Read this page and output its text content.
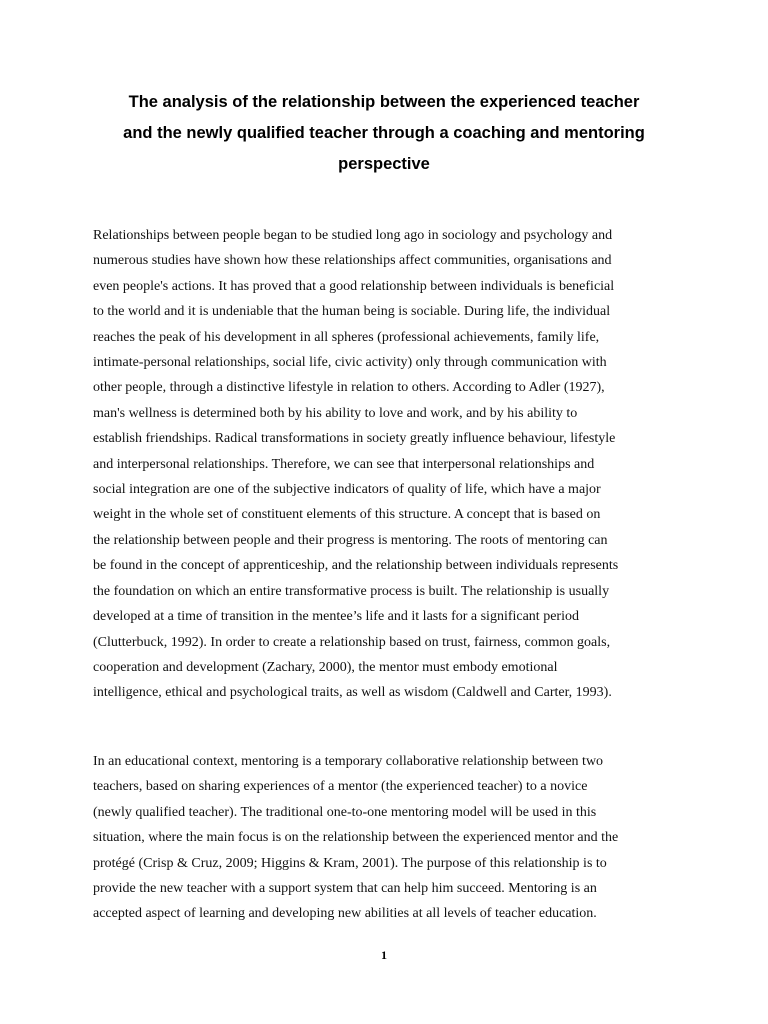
The analysis of the relationship between the experienced teacher
and the newly qualified teacher through a coaching and mentoring
perspective

Relationships between people began to be studied long ago in sociology and psychology and
numerous studies have shown how these relationships affect communities, organisations and
even people's actions. It has proved that a good relationship between individuals is beneficial
to the world and it is undeniable that the human being is sociable. During life, the individual
reaches the peak of his development in all spheres (professional achievements, family life,
intimate-personal relationships, social life, civic activity) only through communication with
other people, through a distinctive lifestyle in relation to others. According to Adler (1927),
man's wellness is determined both by his ability to love and work, and by his ability to
establish friendships. Radical transformations in society greatly influence behaviour, lifestyle
and interpersonal relationships. Therefore, we can see that interpersonal relationships and
social integration are one of the subjective indicators of quality of life, which have a major
weight in the whole set of constituent elements of this structure. A concept that is based on
the relationship between people and their progress is mentoring. The roots of mentoring can
be found in the concept of apprenticeship, and the relationship between individuals represents
the foundation on which an entire transformative process is built. The relationship is usually
developed at a time of transition in the mentee’s life and it lasts for a significant period
(Clutterbuck, 1992). In order to create a relationship based on trust, fairness, common goals,
cooperation and development (Zachary, 2000), the mentor must embody emotional
intelligence, ethical and psychological traits, as well as wisdom (Caldwell and Carter, 1993).

In an educational context, mentoring is a temporary collaborative relationship between two
teachers, based on sharing experiences of a mentor (the experienced teacher) to a novice
(newly qualified teacher). The traditional one-to-one mentoring model will be used in this
situation, where the main focus is on the relationship between the experienced mentor and the
protégé (Crisp & Cruz, 2009; Higgins & Kram, 2001). The purpose of this relationship is to
provide the new teacher with a support system that can help him succeed. Mentoring is an
accepted aspect of learning and developing new abilities at all levels of teacher education.

1
